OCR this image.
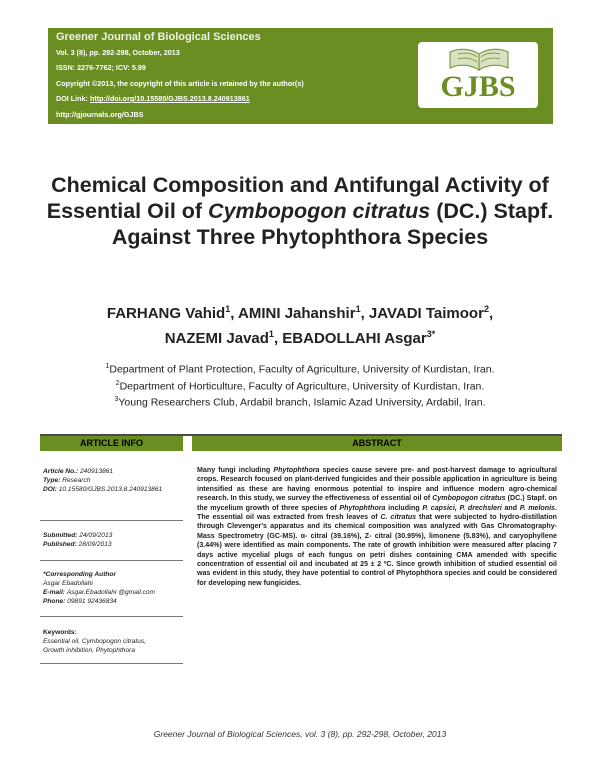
Greener Journal of Biological Sciences
Vol. 3 (8), pp. 292-298, October, 2013
ISSN: 2276-7762; ICV: 5.99
Copyright ©2013, the copyright of this article is retained by the author(s)
DOI Link: http://doi.org/10.15580/GJBS.2013.8.240913861
http://gjournals.org/GJBS
GJBS
Chemical Composition and Antifungal Activity of Essential Oil of Cymbopogon citratus (DC.) Stapf. Against Three Phytophthora Species
FARHANG Vahid$^1$, AMINI Jahanshir$^1$, JAVADI Taimoor$^2$,
NAZEMI Javad$^1$, EBADOLLAHI Asgar$^{3*}$
$^1$Department of Plant Protection, Faculty of Agriculture, University of Kurdistan, Iran.
$^2$Department of Horticulture, Faculty of Agriculture, University of Kurdistan, Iran.
$^3$Young Researchers Club, Ardabil branch, Islamic Azad University, Ardabil, Iran.
ARTICLE INFO	ABSTRACT
Article No.: 240913861
Type: Research
DOI: 10.15580/GJBS.2013.8.240913861
Submitted: 24/09/2013
Published: 28/09/2013
*Corresponding Author
Asgar Ebadollahi
E-mail: Asgar.Ebadollahi @gmail.com
Phone: 09891 92436834
Keywords:
Essential oil, Cymbopogon citratus,
Growth inhibition, Phytophthora
Many fungi including Phytophthora species cause severe pre- and post-harvest damage to agricultural crops. Research focused on plant-derived fungicides and their possible application in agriculture is being intensified as these are having enormous potential to inspire and influence modern agro-chemical research. In this study, we survey the effectiveness of essential oil of Cymbopogon citratus (DC.) Stapf. on the mycelium growth of three species of Phytophthora including P. capsici, P. drechsleri and P. melonis. The essential oil was extracted from fresh leaves of C. citratus that were subjected to hydro-distillation through Clevenger's apparatus and its chemical composition was analyzed with Gas Chromatography-Mass Spectrometry (GC-MS). α- citral (39.16%), Z- citral (30.95%), limonene (5.83%), and caryophyllene (3.44%) were identified as main components. The rate of growth inhibition were measured after placing 7 days active mycelial plugs of each fungus on petri dishes containing CMA amended with specific concentration of essential oil and incubated at 25 ± 2 ºC. Since growth inhibition of studied essential oil was evident in this study, they have potential to control of Phytophthora species and could be considered for developing new fungicides.
Greener Journal of Biological Sciences, vol. 3 (8), pp. 292-298, October, 2013
